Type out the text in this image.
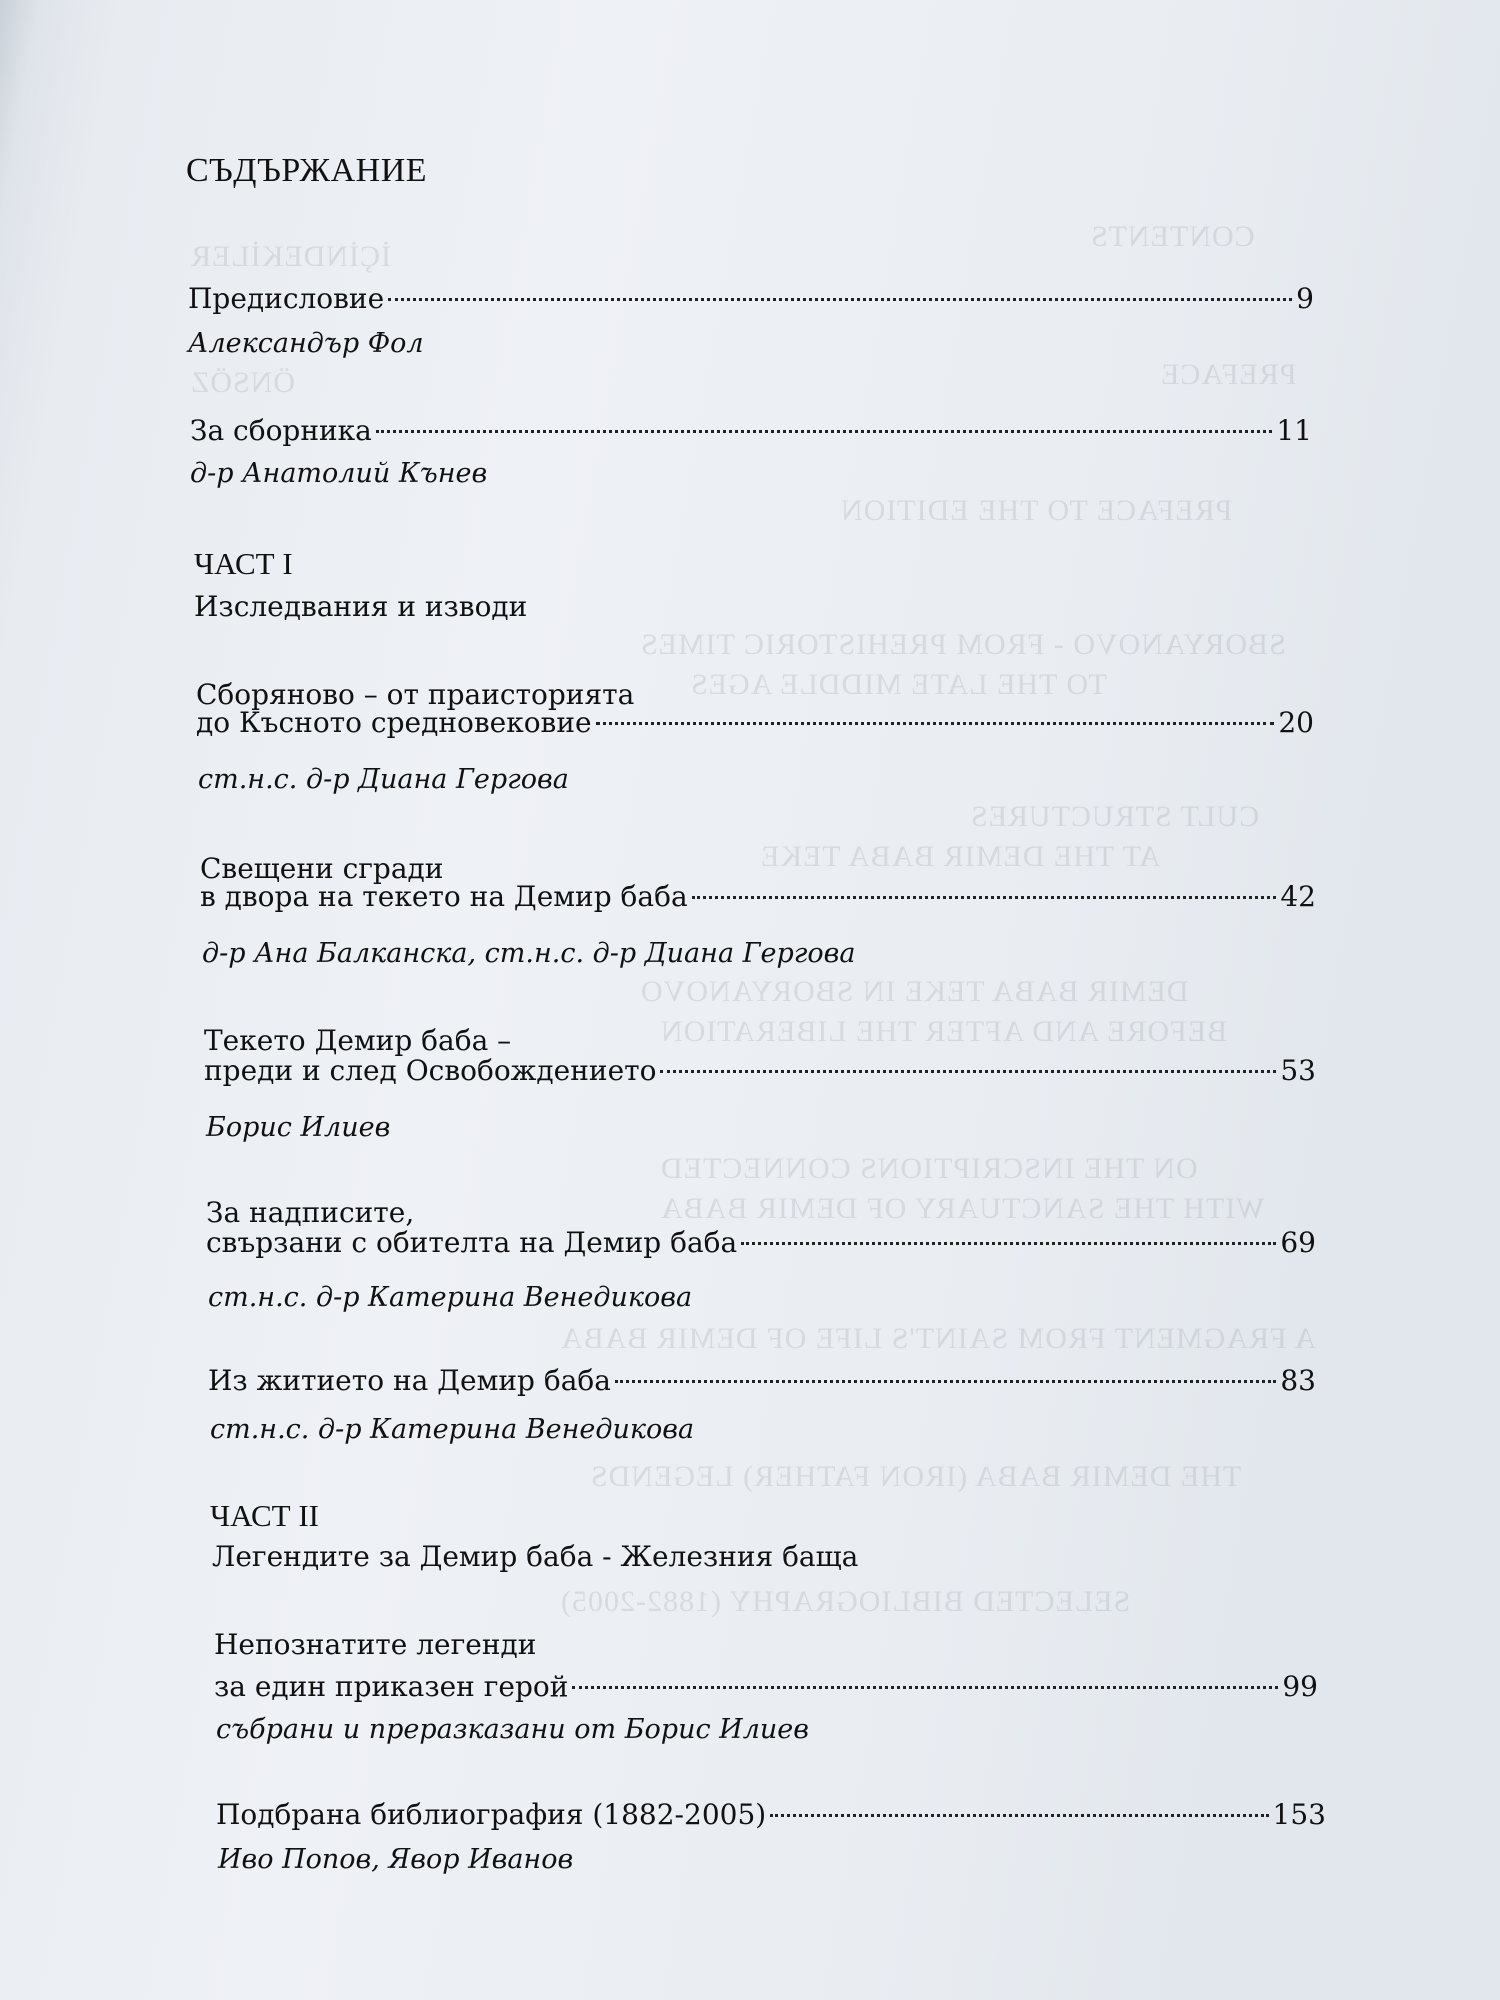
CONTENTS
İÇİNDEKİLER
PREFACE
ÖNSÖZ
PREFACE TO THE EDITION
SBORYANOVO - FROM PREHISTORIC TIMES
TO THE LATE MIDDLE AGES
CULT STRUCTURES
AT THE DEMIR BABA TEKE
DEMIR BABA TEKE IN SBORYANOVO
BEFORE AND AFTER THE LIBERATION
ON THE INSCRIPTIONS CONNECTED
WITH THE SANCTUARY OF DEMIR BABA
A FRAGMENT FROM SAINT'S LIFE OF DEMIR BABA
THE DEMIR BABA (IRON FATHER) LEGENDS
SELECTED BIBLIOGRAPHY (1882-2005)
СЪДЪРЖАНИЕ
Предисловие	9
Александър Фол
За сборника	11
д-р Анатолий Кънев
ЧАСТ I
Изследвания и изводи
Сборяново – от праисторията
до Късното средновековие	20
ст.н.с. д-р Диана Гергова
Свещени сгради
в двора на текето на Демир баба	42
д-р Ана Балканска, ст.н.с. д-р Диана Гергова
Текето Демир баба –
преди и след Освобождението	53
Борис Илиев
За надписите,
свързани с обителта на Демир баба	69
ст.н.с. д-р Катерина Венедикова
Из житието на Демир баба	83
ст.н.с. д-р Катерина Венедикова
ЧАСТ II
Легендите за Демир баба - Железния баща
Непознатите легенди
за един приказен герой	99
събрани и преразказани от Борис Илиев
Подбрана библиография (1882-2005)	153
Иво Попов, Явор Иванов
